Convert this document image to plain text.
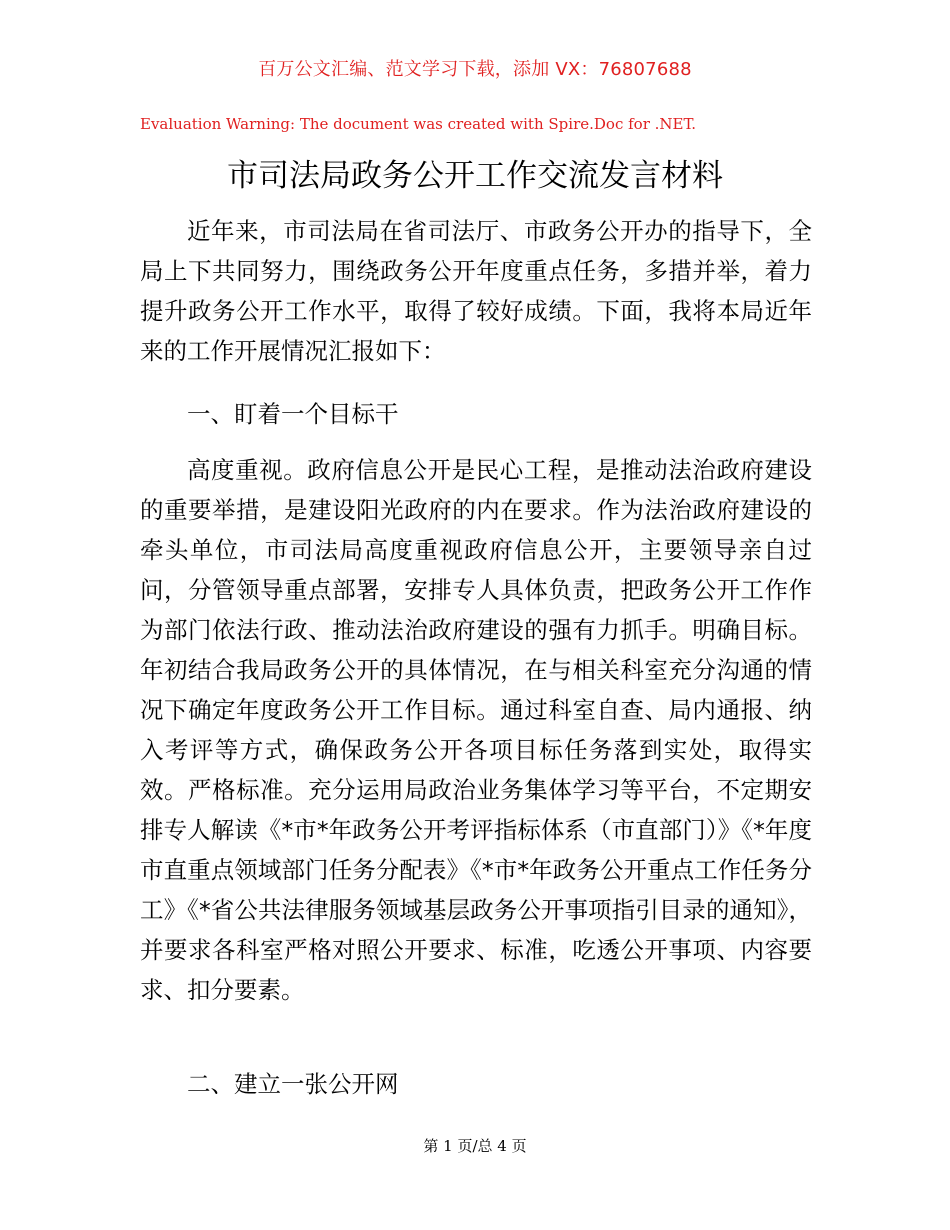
百万公文汇编、范文学习下载，添加 VX：76807688
Evaluation Warning: The document was created with Spire.Doc for .NET.
市司法局政务公开工作交流发言材料

近年来，市司法局在省司法厅、市政务公开办的指导下，全局上下共同努力，围绕政务公开年度重点任务，多措并举，着力提升政务公开工作水平，取得了较好成绩。下面，我将本局近年来的工作开展情况汇报如下：

一、盯着一个目标干

高度重视。政府信息公开是民心工程，是推动法治政府建设的重要举措，是建设阳光政府的内在要求。作为法治政府建设的牵头单位，市司法局高度重视政府信息公开，主要领导亲自过问，分管领导重点部署，安排专人具体负责，把政务公开工作作为部门依法行政、推动法治政府建设的强有力抓手。明确目标。年初结合我局政务公开的具体情况，在与相关科室充分沟通的情况下确定年度政务公开工作目标。通过科室自查、局内通报、纳入考评等方式，确保政务公开各项目标任务落到实处，取得实效。严格标准。充分运用局政治业务集体学习等平台，不定期安排专人解读《*市*年政务公开考评指标体系（市直部门）》《*年度市直重点领域部门任务分配表》《*市*年政务公开重点工作任务分工》《*省公共法律服务领域基层政务公开事项指引目录的通知》，并要求各科室严格对照公开要求、标准，吃透公开事项、内容要求、扣分要素。

二、建立一张公开网
第 1 页/总 4 页
